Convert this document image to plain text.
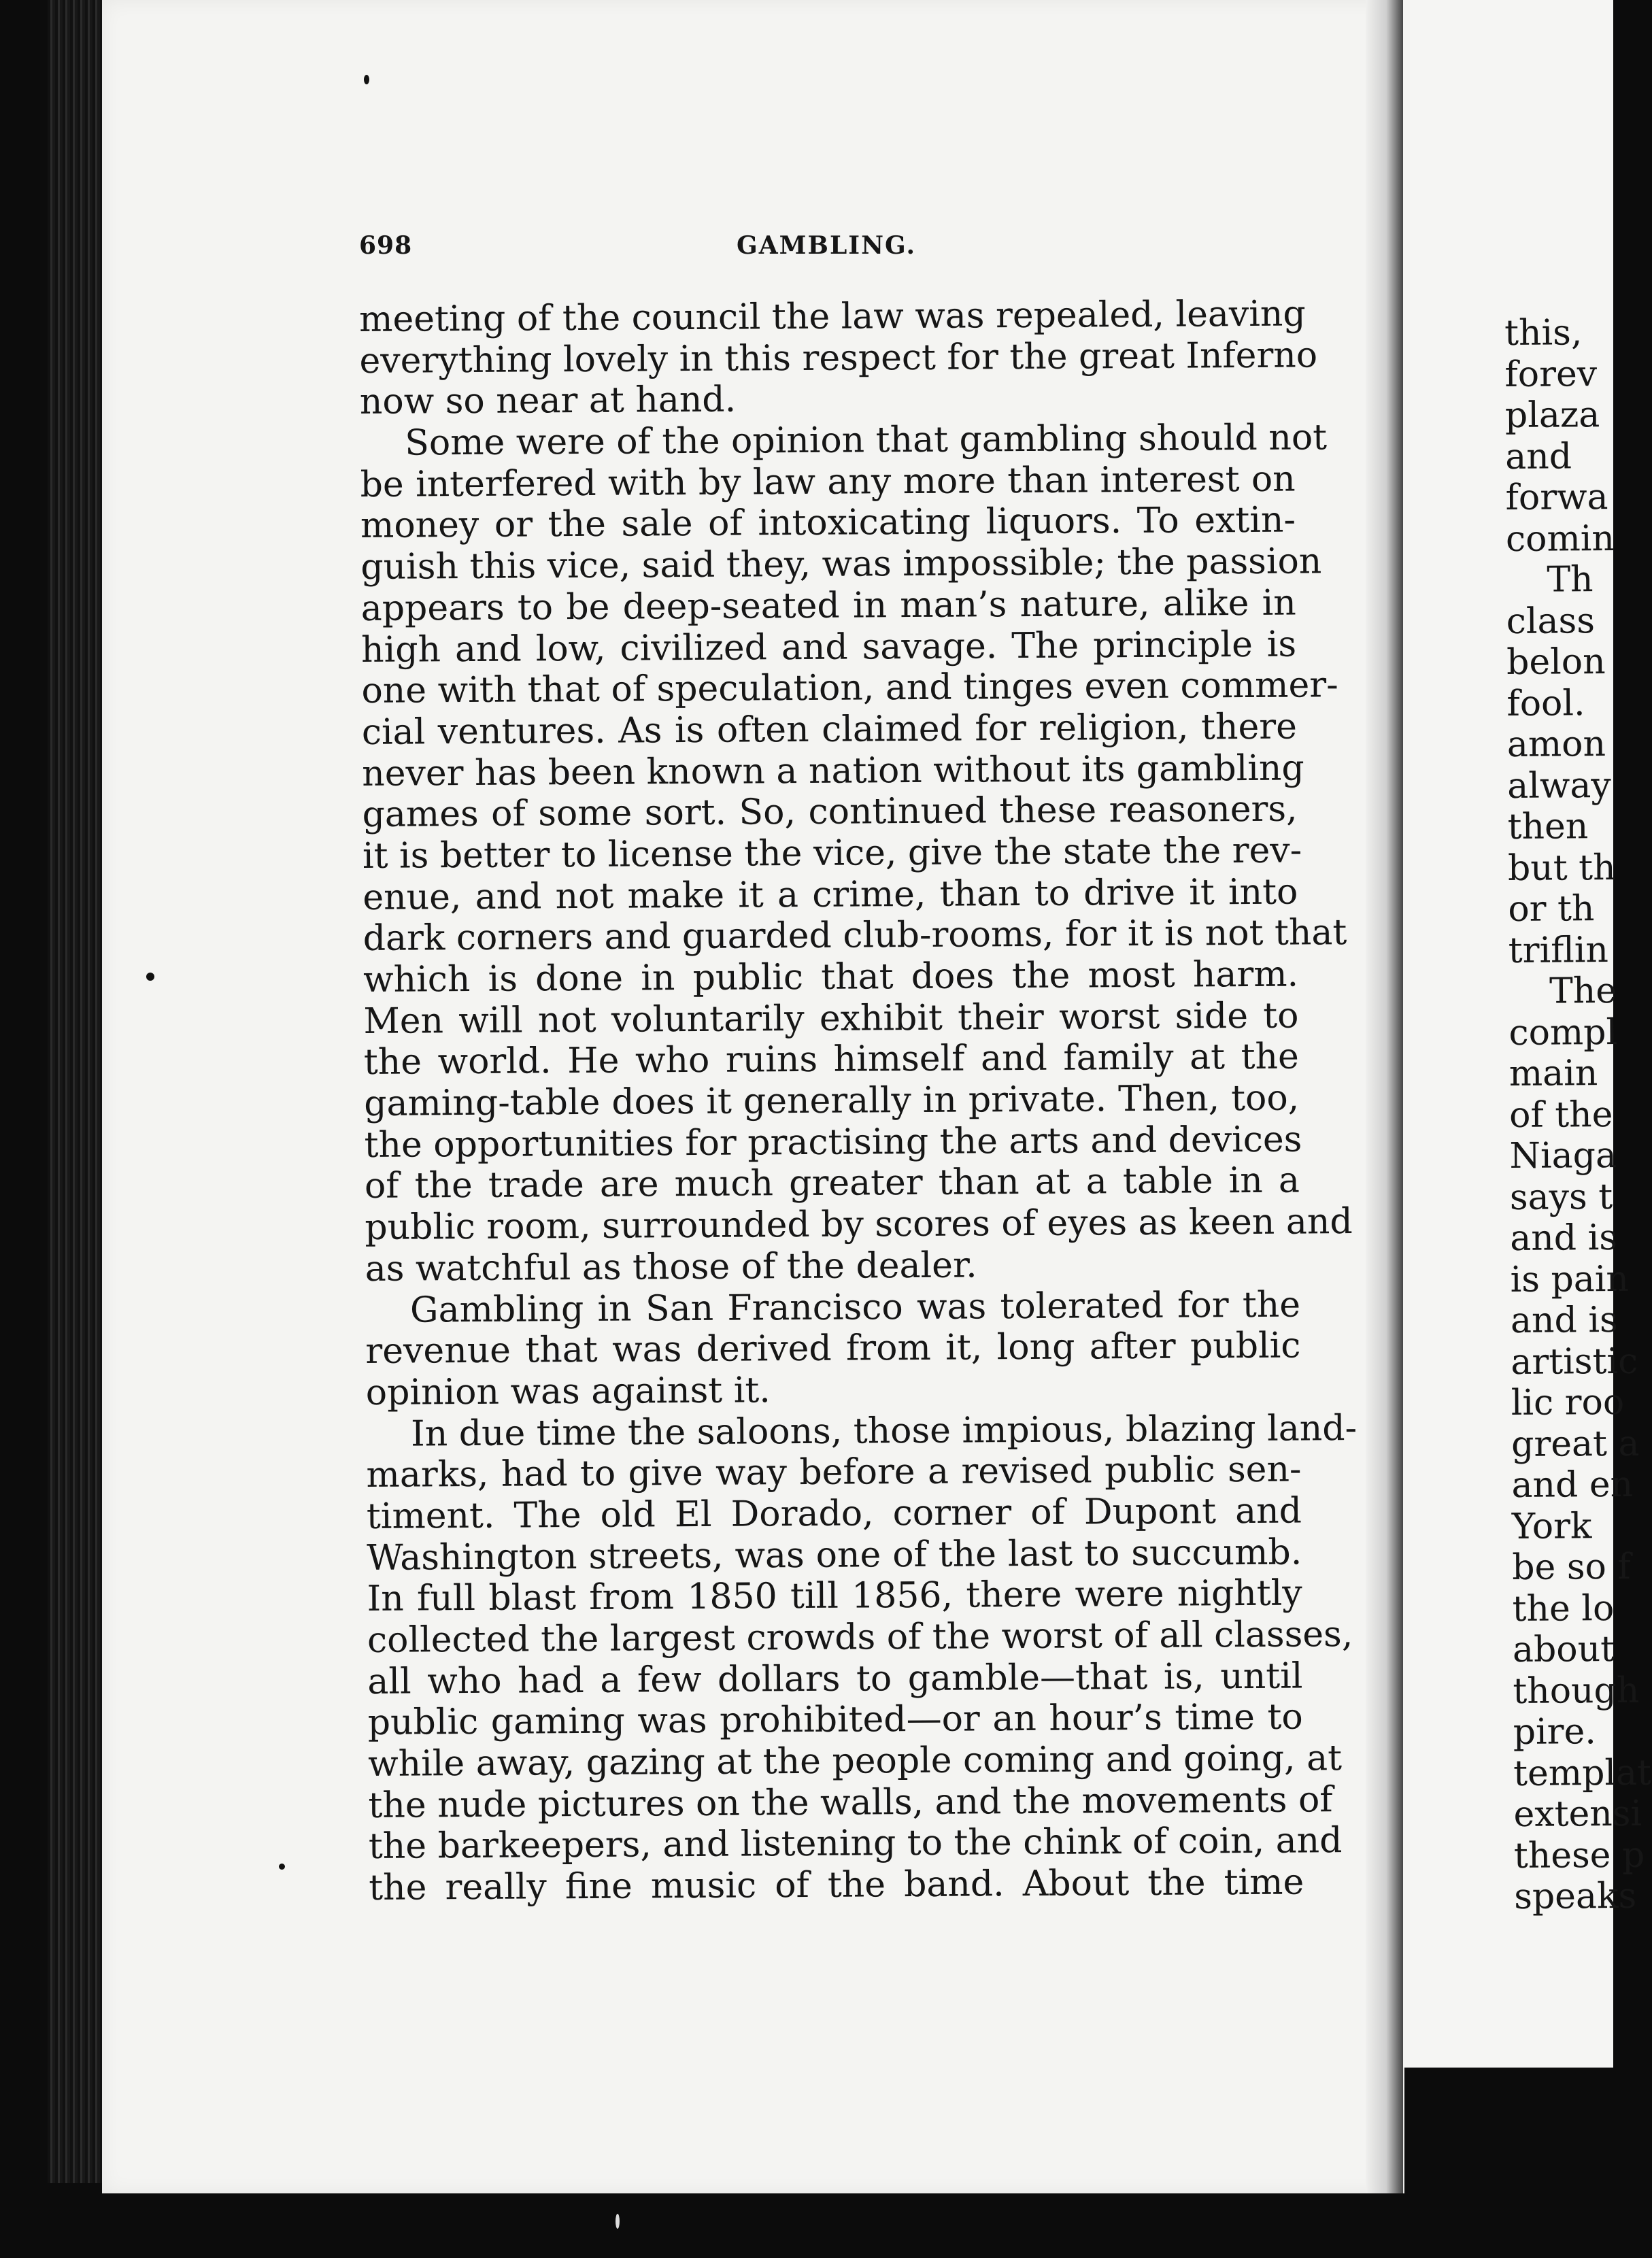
698	GAMBLING.
meeting of the council the law was repealed, leaving
everything lovely in this respect for the great Inferno
now so near at hand.
Some were of the opinion that gambling should not
be interfered with by law any more than interest on
money or the sale of intoxicating liquors. To extin-
guish this vice, said they, was impossible; the passion
appears to be deep-seated in man’s nature, alike in
high and low, civilized and savage. The principle is
one with that of speculation, and tinges even commer-
cial ventures. As is often claimed for religion, there
never has been known a nation without its gambling
games of some sort. So, continued these reasoners,
it is better to license the vice, give the state the rev-
enue, and not make it a crime, than to drive it into
dark corners and guarded club-rooms, for it is not that
which is done in public that does the most harm.
Men will not voluntarily exhibit their worst side to
the world. He who ruins himself and family at the
gaming-table does it generally in private. Then, too,
the opportunities for practising the arts and devices
of the trade are much greater than at a table in a
public room, surrounded by scores of eyes as keen and
as watchful as those of the dealer.
Gambling in San Francisco was tolerated for the
revenue that was derived from it, long after public
opinion was against it.
In due time the saloons, those impious, blazing land-
marks, had to give way before a revised public sen-
timent. The old El Dorado, corner of Dupont and
Washington streets, was one of the last to succumb.
In full blast from 1850 till 1856, there were nightly
collected the largest crowds of the worst of all classes,
all who had a few dollars to gamble—that is, until
public gaming was prohibited—or an hour’s time to
while away, gazing at the people coming and going, at
the nude pictures on the walls, and the movements of
the barkeepers, and listening to the chink of coin, and
the really fine music of the band. About the time
this,
forev
plaza
and
forwa
comin
Th
class
belon
fool.
amon
alway
then
but th
or th
triflin
The
compl
main
of the
Niaga
says t
and is
is pain
and is
artistic
lic roo
great a
and en
York
be so f
the lo
about
though
pire.
templat
extensi
these p
speaks
